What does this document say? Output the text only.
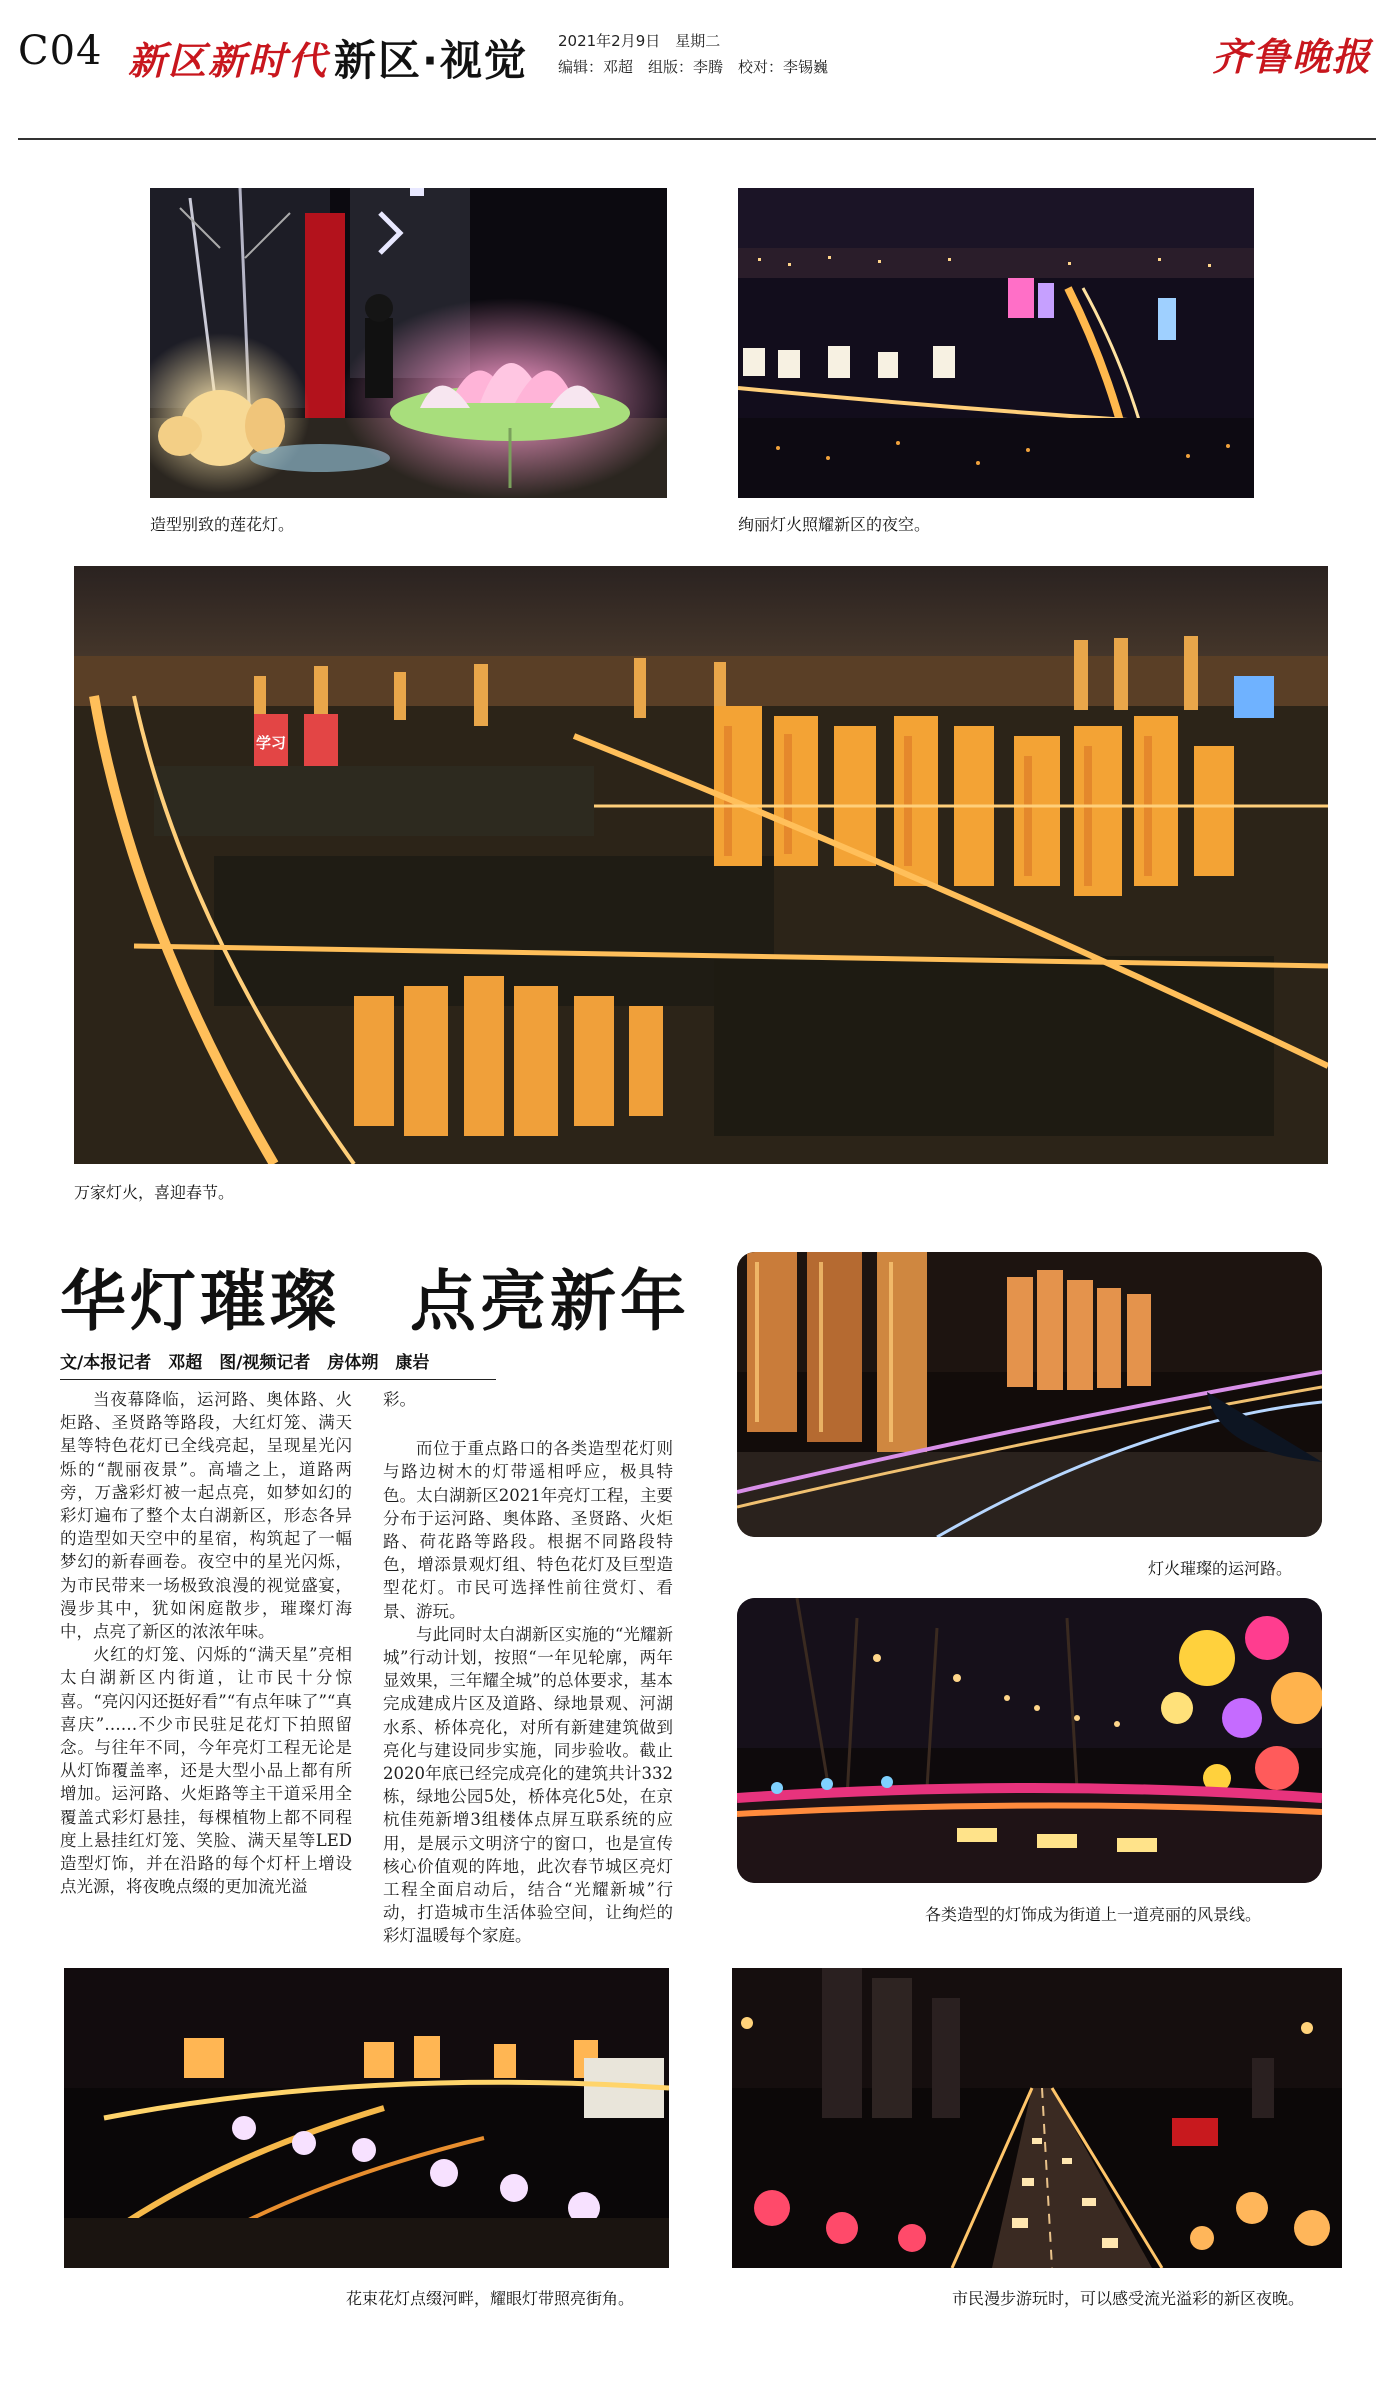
C04 新区新时代 新区·视觉 2021年2月9日　星期二
编辑：邓超　组版：李腾　校对：李锡巍	齐鲁晚报
造型别致的莲花灯。	绚丽灯火照耀新区的夜空。
学习
万家灯火，喜迎春节。
华灯璀璨　点亮新年
文/本报记者　邓超　图/视频记者　房体朔　康岩

当夜幕降临，运河路、奥体路、火炬路、圣贤路等路段，大红灯笼、满天星等特色花灯已全线亮起，呈现星光闪烁的“靓丽夜景”。高墙之上，道路两旁，万盏彩灯被一起点亮，如梦如幻的彩灯遍布了整个太白湖新区，形态各异的造型如天空中的星宿，构筑起了一幅梦幻的新春画卷。夜空中的星光闪烁，为市民带来一场极致浪漫的视觉盛宴，漫步其中，犹如闲庭散步，璀璨灯海中，点亮了新区的浓浓年味。

火红的灯笼、闪烁的“满天星”亮相太白湖新区内街道，让市民十分惊喜。“亮闪闪还挺好看”“有点年味了”“真喜庆”……不少市民驻足花灯下拍照留念。与往年不同，今年亮灯工程无论是从灯饰覆盖率，还是大型小品上都有所增加。运河路、火炬路等主干道采用全覆盖式彩灯悬挂，每棵植物上都不同程度上悬挂红灯笼、笑脸、满天星等LED造型灯饰，并在沿路的每个灯杆上增设点光源，将夜晚点缀的更加流光溢

彩。

而位于重点路口的各类造型花灯则与路边树木的灯带遥相呼应，极具特色。太白湖新区2021年亮灯工程，主要分布于运河路、奥体路、圣贤路、火炬路、荷花路等路段。根据不同路段特色，增添景观灯组、特色花灯及巨型造型花灯。市民可选择性前往赏灯、看景、游玩。

与此同时太白湖新区实施的“光耀新城”行动计划，按照“一年见轮廓，两年显效果，三年耀全城”的总体要求，基本完成建成片区及道路、绿地景观、河湖水系、桥体亮化，对所有新建建筑做到亮化与建设同步实施，同步验收。截止2020年底已经完成亮化的建筑共计332栋，绿地公园5处，桥体亮化5处，在京杭佳苑新增3组楼体点屏互联系统的应用，是展示文明济宁的窗口，也是宣传核心价值观的阵地，此次春节城区亮灯工程全面启动后，结合“光耀新城”行动，打造城市生活体验空间，让绚烂的彩灯温暖每个家庭。

灯火璀璨的运河路。
各类造型的灯饰成为街道上一道亮丽的风景线。
花束花灯点缀河畔，耀眼灯带照亮街角。	市民漫步游玩时，可以感受流光溢彩的新区夜晚。
